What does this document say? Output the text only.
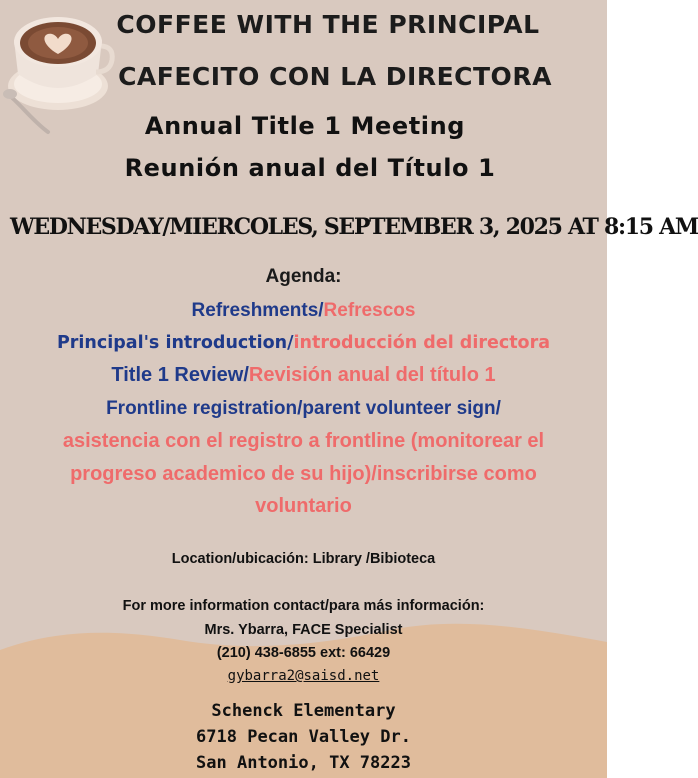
COFFEE WITH THE PRINCIPAL
CAFECITO CON LA DIRECTORA
Annual Title 1 Meeting
Reunión anual del Título 1
WEDNESDAY/MIERCOLES, SEPTEMBER 3, 2025 AT 8:15 AM
Agenda:
Refreshments/Refrescos
Principal's introduction/introducción del directora
Title 1 Review/Revisión anual del título 1
Frontline registration/parent volunteer sign/
asistencia con el registro a frontline (monitorear el
progreso academico de su hijo)/inscribirse como
voluntario
Location/ubicación: Library /Bibioteca
For more information contact/para más información:
Mrs. Ybarra, FACE Specialist
(210) 438-6855 ext: 66429
gybarra2@saisd.net
Schenck Elementary
6718 Pecan Valley Dr.
San Antonio, TX 78223
